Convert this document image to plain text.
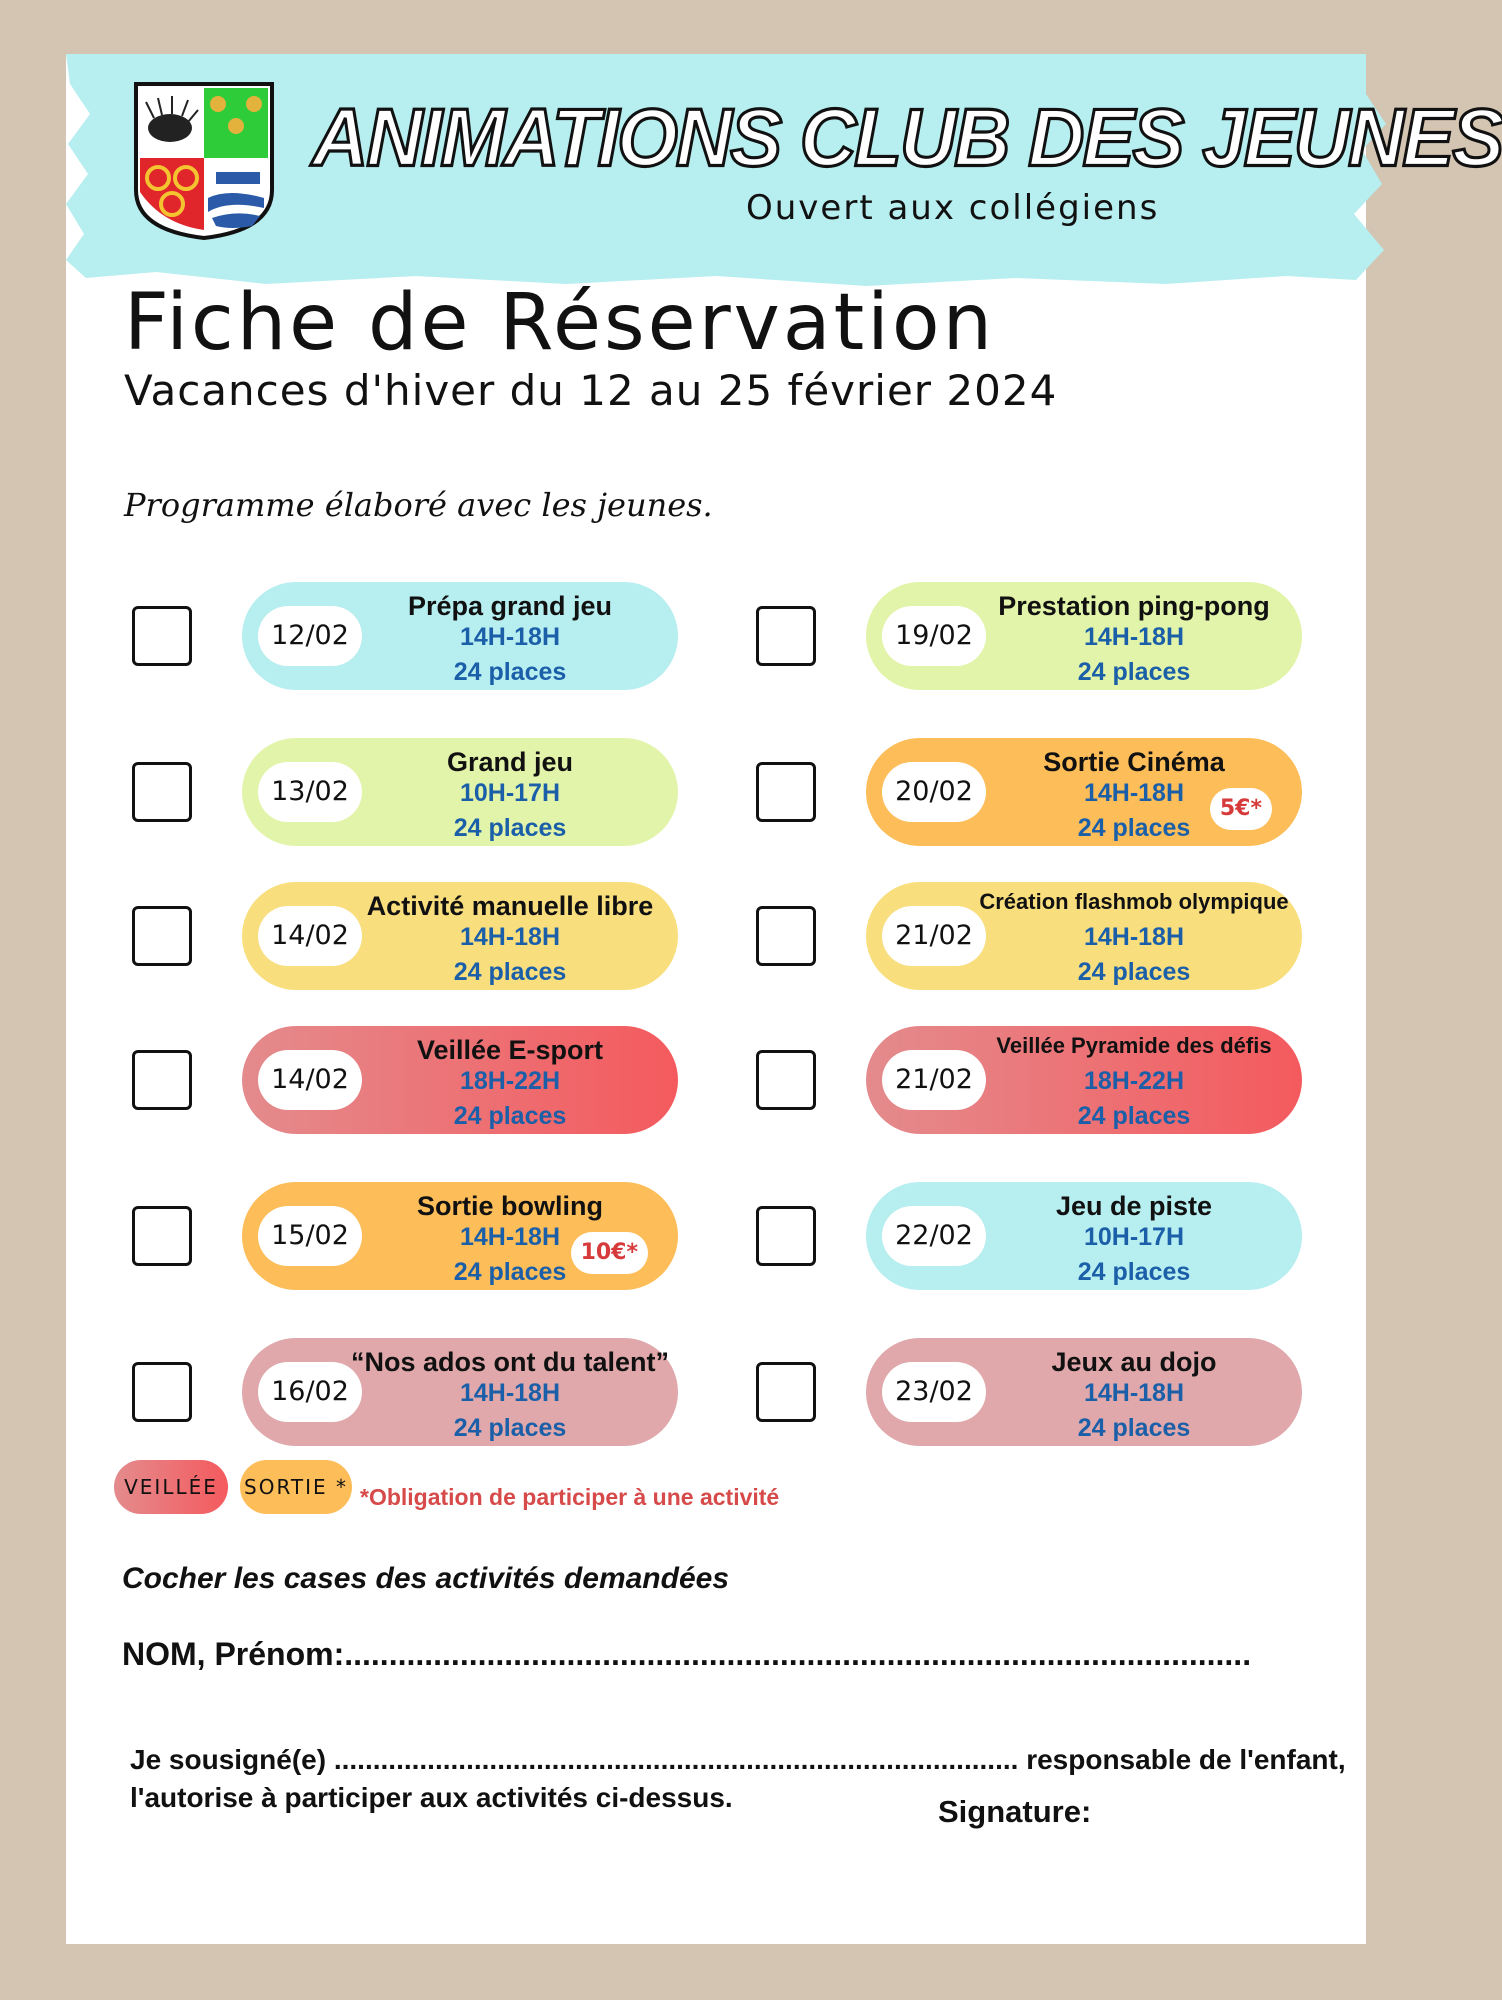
ANIMATIONS CLUB DES JEUNES
Ouvert aux collégiens
Fiche de Réservation
Vacances d'hiver du 12 au 25 février 2024
Programme élaboré avec les jeunes.
12/02
Prépa grand jeu
14H-18H
24 places
13/02
Grand jeu
10H-17H
24 places
14/02
Activité manuelle libre
14H-18H
24 places
14/02
Veillée E-sport
18H-22H
24 places
15/02
Sortie bowling
14H-18H
24 places
10€*
16/02
“Nos ados ont du talent”
14H-18H
24 places
19/02
Prestation ping-pong
14H-18H
24 places
20/02
Sortie Cinéma
14H-18H
24 places
5€*
21/02
Création flashmob olympique
14H-18H
24 places
21/02
Veillée Pyramide des défis
18H-22H
24 places
22/02
Jeu de piste
10H-17H
24 places
23/02
Jeux au dojo
14H-18H
24 places
VEILLÉE	SORTIE * *Obligation de participer à une activité
Cocher les cases des activités demandées
NOM, Prénom:......................................................................................................
Je sousigné(e) ........................................................................................ responsable de l'enfant,
l'autorise à participer aux activités ci-dessus.	Signature:
